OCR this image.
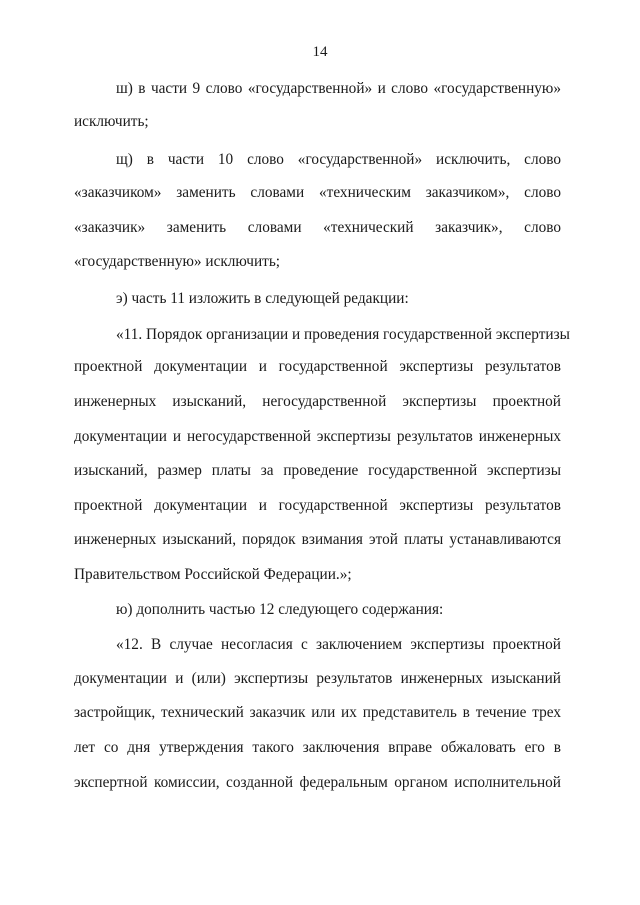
14
ш) в части 9 слово «государственной» и слово «государственную»
исключить;
щ) в части 10 слово «государственной» исключить, слово
«заказчиком» заменить словами «техническим заказчиком», слово
«заказчик» заменить словами «технический заказчик», слово
«государственную» исключить;
э) часть 11 изложить в следующей редакции:
«11. Порядок организации и проведения государственной экспертизы
проектной документации и государственной экспертизы результатов
инженерных изысканий, негосударственной экспертизы проектной
документации и негосударственной экспертизы результатов инженерных
изысканий, размер платы за проведение государственной экспертизы
проектной документации и государственной экспертизы результатов
инженерных изысканий, порядок взимания этой платы устанавливаются
Правительством Российской Федерации.»;
ю) дополнить частью 12 следующего содержания:
«12. В случае несогласия с заключением экспертизы проектной
документации и (или) экспертизы результатов инженерных изысканий
застройщик, технический заказчик или их представитель в течение трех
лет со дня утверждения такого заключения вправе обжаловать его в
экспертной комиссии, созданной федеральным органом исполнительной
